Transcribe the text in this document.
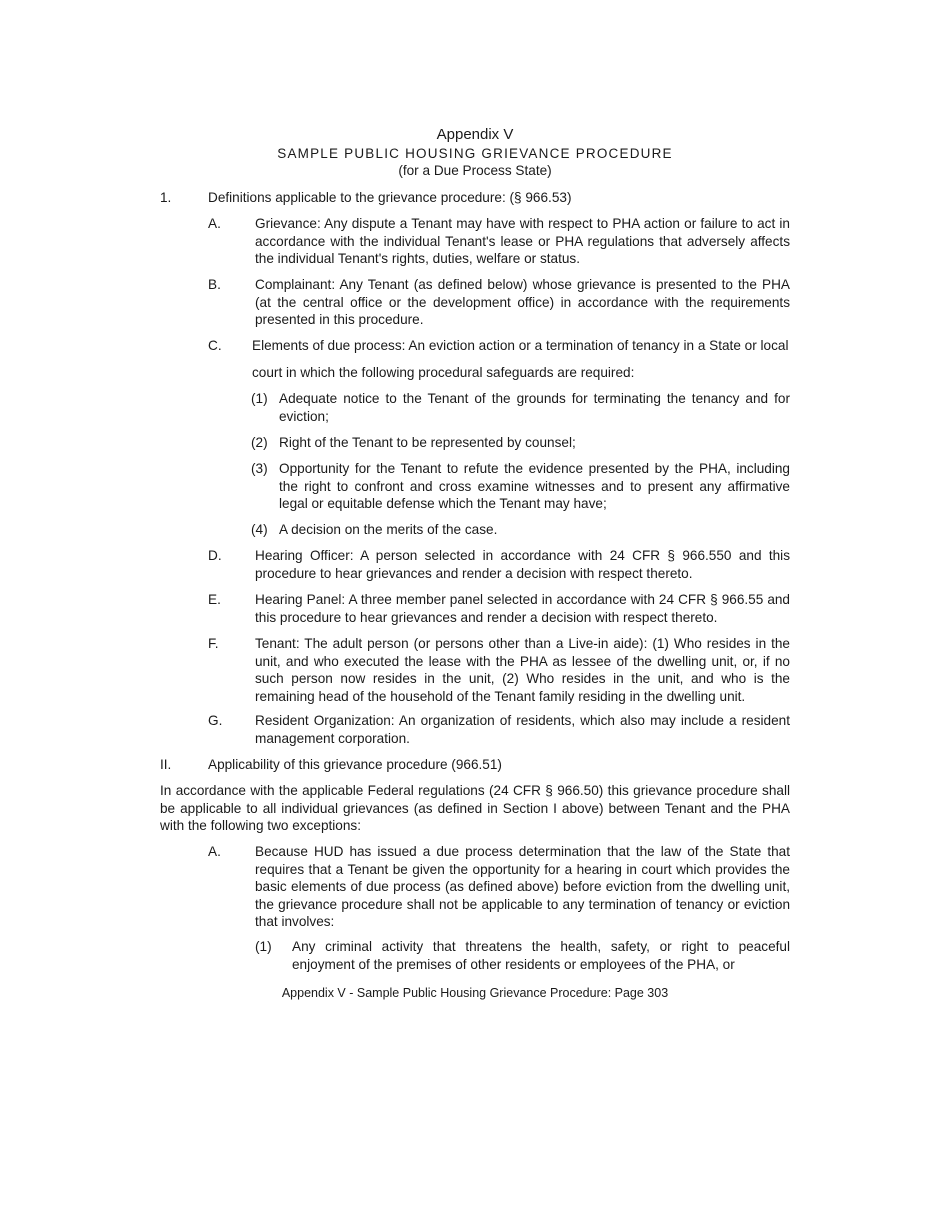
Appendix V
SAMPLE PUBLIC HOUSING GRIEVANCE PROCEDURE
(for a Due Process State)
1.	Definitions applicable to the grievance procedure: (§ 966.53)
A.	Grievance: Any dispute a Tenant may have with respect to PHA action or failure to act in accordance with the individual Tenant's lease or PHA regulations that adversely affects the individual Tenant's rights, duties, welfare or status.
B.	Complainant: Any Tenant (as defined below) whose grievance is presented to the PHA (at the central office or the development office) in accordance with the requirements presented in this procedure.
C. Elements of due process: An eviction action or a termination of tenancy in a State or local
court in which the following procedural safeguards are required:
(1) Adequate notice to the Tenant of the grounds for terminating the tenancy and for eviction;
(2) Right of the Tenant to be represented by counsel;
(3) Opportunity for the Tenant to refute the evidence presented by the PHA, including the right to confront and cross examine witnesses and to present any affirmative legal or equitable defense which the Tenant may have;
(4) A decision on the merits of the case.
D. Hearing Officer: A person selected in accordance with 24 CFR § 966.550 and this procedure to hear grievances and render a decision with respect thereto.
E.	Hearing Panel: A three member panel selected in accordance with 24 CFR § 966.55 and this procedure to hear grievances and render a decision with respect thereto.
F.	Tenant: The adult person (or persons other than a Live-in aide): (1) Who resides in the unit, and who executed the lease with the PHA as lessee of the dwelling unit, or, if no such person now resides in the unit, (2) Who resides in the unit, and who is the remaining head of the household of the Tenant family residing in the dwelling unit.
G. Resident Organization: An organization of residents, which also may include a resident management corporation.
II.	Applicability of this grievance procedure (966.51)
In accordance with the applicable Federal regulations (24 CFR § 966.50) this grievance procedure shall be applicable to all individual grievances (as defined in Section I above) between Tenant and the PHA with the following two exceptions:
A.	Because HUD has issued a due process determination that the law of the State that requires that a Tenant be given the opportunity for a hearing in court which provides the basic elements of due process (as defined above) before eviction from the dwelling unit, the grievance procedure shall not be applicable to any termination of tenancy or eviction that involves:
(1) Any criminal activity that threatens the health, safety, or right to peaceful enjoyment of the premises of other residents or employees of the PHA, or
Appendix V - Sample Public Housing Grievance Procedure: Page 303
